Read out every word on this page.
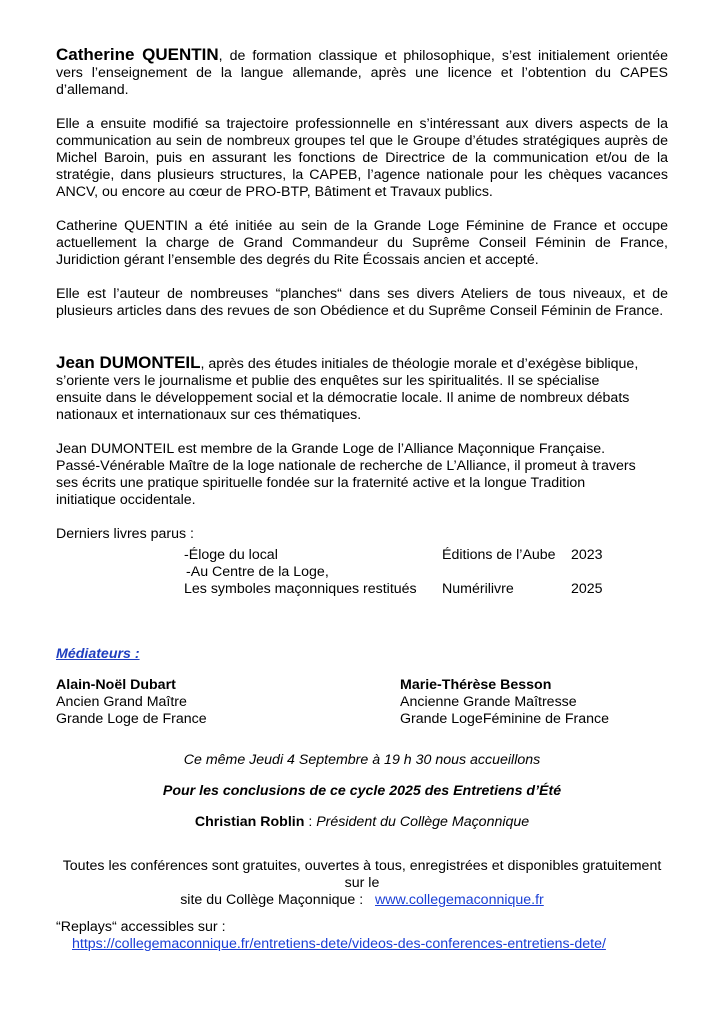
Catherine QUENTIN, de formation classique et philosophique, s’est initialement orientée vers l’enseignement de la langue allemande, après une licence et l’obtention du CAPES d’allemand.

Elle a ensuite modifié sa trajectoire professionnelle en s’intéressant aux divers aspects de la communication au sein de nombreux groupes tel que le Groupe d’études stratégiques auprès de Michel Baroin, puis en assurant les fonctions de Directrice de la communication et/ou de la stratégie, dans plusieurs structures, la CAPEB, l’agence nationale pour les chèques vacances ANCV, ou encore au cœur de PRO-BTP, Bâtiment et Travaux publics.

Catherine QUENTIN a été initiée au sein de la Grande Loge Féminine de France et occupe actuellement la charge de Grand Commandeur du Suprême Conseil Féminin de France, Juridiction gérant l’ensemble des degrés du Rite Écossais ancien et accepté.

Elle est l’auteur de nombreuses “planches“ dans ses divers Ateliers de tous niveaux, et de plusieurs articles dans des revues de son Obédience et du Suprême Conseil Féminin de France.

Jean DUMONTEIL, après des études initiales de théologie morale et d’exégèse biblique,
s’oriente vers le journalisme et publie des enquêtes sur les spiritualités. Il se spécialise
ensuite dans le développement social et la démocratie locale. Il anime de nombreux débats
nationaux et internationaux sur ces thématiques.

Jean DUMONTEIL est membre de la Grande Loge de l’Alliance Maçonnique Française.
Passé-Vénérable Maître de la loge nationale de recherche de L’Alliance, il promeut à travers
ses écrits une pratique spirituelle fondée sur la fraternité active et la longue Tradition
initiatique occidentale.

Derniers livres parus :

-Éloge du local	Éditions de l’Aube 2023
-Au Centre de la Loge,
Les symboles maçonniques restitués Numérilivre	2025

Médiateurs :

Alain-Noël Dubart
Ancien Grand Maître
Grande Loge de France
Marie-Thérèse Besson
Ancienne Grande Maîtresse
Grande LogeFéminine de France

Ce même Jeudi 4 Septembre à 19 h 30 nous accueillons

Pour les conclusions de ce cycle 2025 des Entretiens d’Été

Christian Roblin : Président du Collège Maçonnique

Toutes les conférences sont gratuites, ouvertes à tous, enregistrées et disponibles gratuitement sur le
site du Collège Maçonnique : www.collegemaconnique.fr

“Replays“ accessibles sur :

https://collegemaconnique.fr/entretiens-dete/videos-des-conferences-entretiens-dete/
